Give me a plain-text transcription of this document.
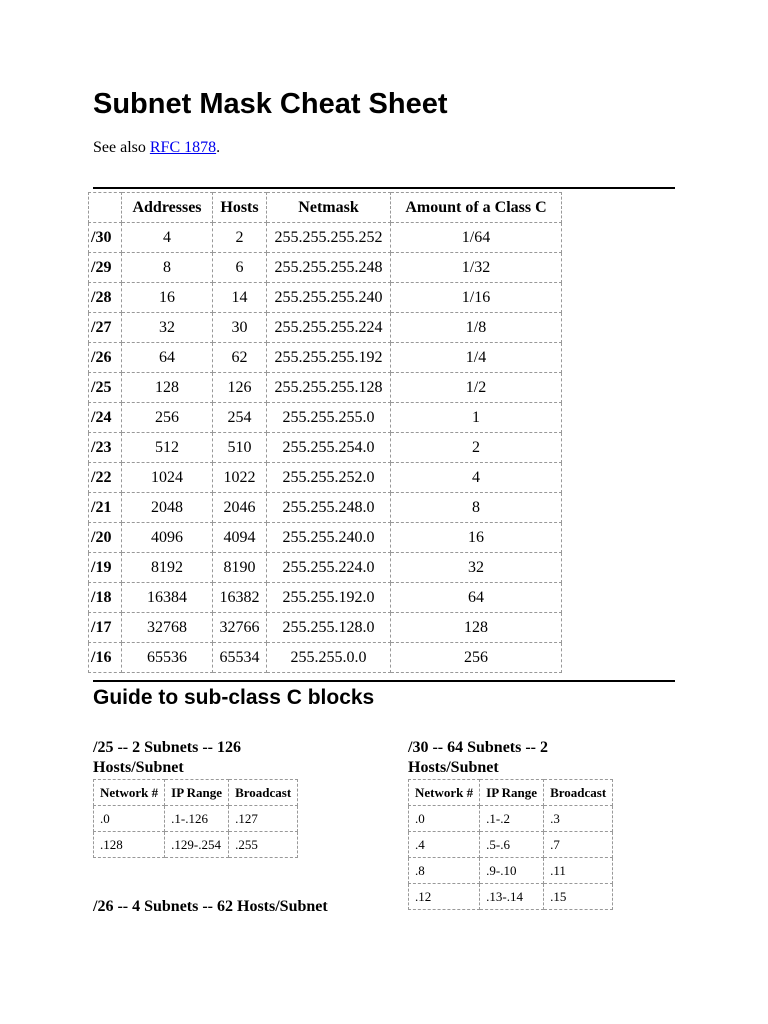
Subnet Mask Cheat Sheet
See also RFC 1878.
	Addresses	Hosts	Netmask	Amount of a Class C
/30	4	2	255.255.255.252	1/64
/29	8	6	255.255.255.248	1/32
/28	16	14	255.255.255.240	1/16
/27	32	30	255.255.255.224	1/8
/26	64	62	255.255.255.192	1/4
/25	128	126	255.255.255.128	1/2
/24	256	254	255.255.255.0	1
/23	512	510	255.255.254.0	2
/22	1024	1022	255.255.252.0	4
/21	2048	2046	255.255.248.0	8
/20	4096	4094	255.255.240.0	16
/19	8192	8190	255.255.224.0	32
/18	16384	16382	255.255.192.0	64
/17	32768	32766	255.255.128.0	128
/16	65536	65534	255.255.0.0	256
Guide to sub-class C blocks
/25 -- 2 Subnets -- 126 Hosts/Subnet
Network #	IP Range	Broadcast
.0	.1-.126	.127
.128	.129-.254	.255
/30 -- 64 Subnets -- 2 Hosts/Subnet
Network #	IP Range	Broadcast
.0	.1-.2	.3
.4	.5-.6	.7
.8	.9-.10	.11
.12	.13-.14	.15
/26 -- 4 Subnets -- 62 Hosts/Subnet
